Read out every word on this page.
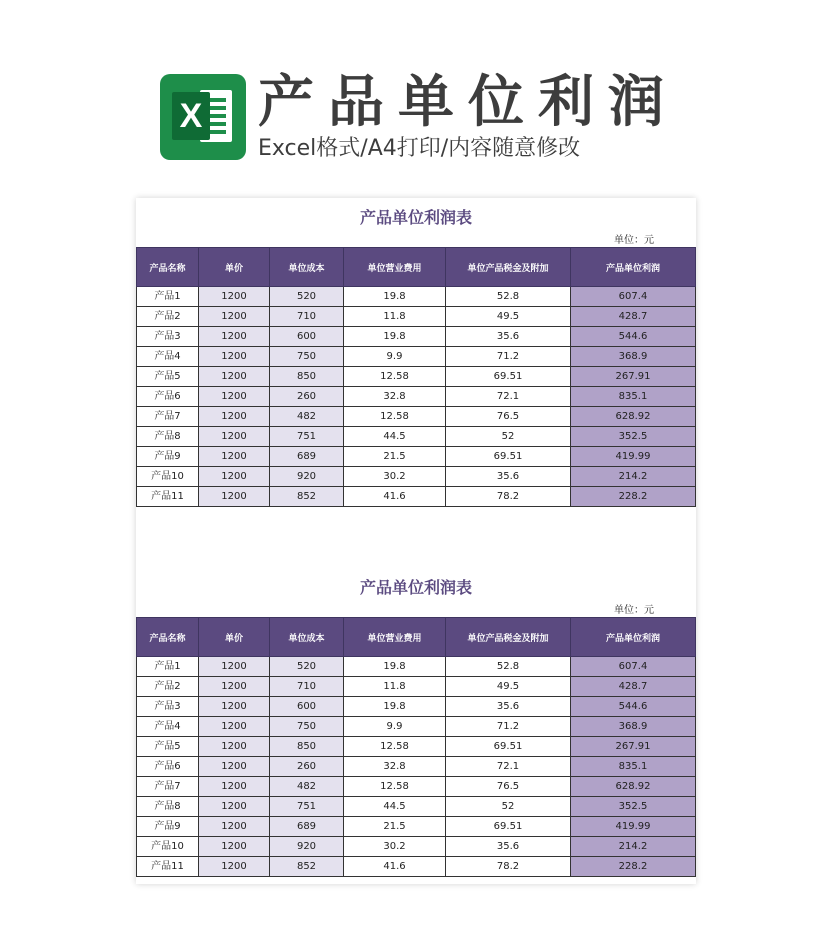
X 产品单位利润
Excel格式/A4打印/内容随意修改
产品单位利润表
单位：元
产品名称	单价	单位成本	单位营业费用	单位产品税金及附加	产品单位利润
产品1	1200	520	19.8	52.8	607.4
产品2	1200	710	11.8	49.5	428.7
产品3	1200	600	19.8	35.6	544.6
产品4	1200	750	9.9	71.2	368.9
产品5	1200	850	12.58	69.51	267.91
产品6	1200	260	32.8	72.1	835.1
产品7	1200	482	12.58	76.5	628.92
产品8	1200	751	44.5	52	352.5
产品9	1200	689	21.5	69.51	419.99
产品10	1200	920	30.2	35.6	214.2
产品11	1200	852	41.6	78.2	228.2
产品单位利润表
单位：元
产品名称	单价	单位成本	单位营业费用	单位产品税金及附加	产品单位利润
产品1	1200	520	19.8	52.8	607.4
产品2	1200	710	11.8	49.5	428.7
产品3	1200	600	19.8	35.6	544.6
产品4	1200	750	9.9	71.2	368.9
产品5	1200	850	12.58	69.51	267.91
产品6	1200	260	32.8	72.1	835.1
产品7	1200	482	12.58	76.5	628.92
产品8	1200	751	44.5	52	352.5
产品9	1200	689	21.5	69.51	419.99
产品10	1200	920	30.2	35.6	214.2
产品11	1200	852	41.6	78.2	228.2
